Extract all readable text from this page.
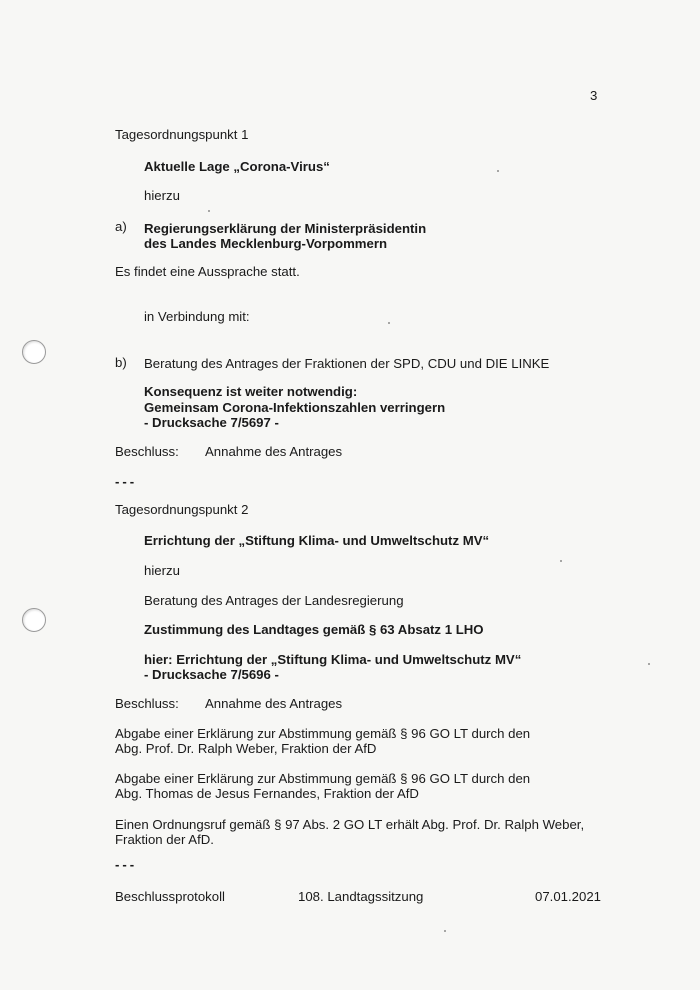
3
Tagesordnungspunkt 1
Aktuelle Lage „Corona-Virus“
hierzu
a) Regierungserklärung der Ministerpräsidentin
des Landes Mecklenburg-Vorpommern
Es findet eine Aussprache statt.
in Verbindung mit:
b) Beratung des Antrages der Fraktionen der SPD, CDU und DIE LINKE
Konsequenz ist weiter notwendig:
Gemeinsam Corona-Infektionszahlen verringern
- Drucksache 7/5697 -
Beschluss: Annahme des Antrages
---
Tagesordnungspunkt 2
Errichtung der „Stiftung Klima- und Umweltschutz MV“
hierzu
Beratung des Antrages der Landesregierung
Zustimmung des Landtages gemäß § 63 Absatz 1 LHO
hier: Errichtung der „Stiftung Klima- und Umweltschutz MV“
- Drucksache 7/5696 -
Beschluss: Annahme des Antrages
Abgabe einer Erklärung zur Abstimmung gemäß § 96 GO LT durch den
Abg. Prof. Dr. Ralph Weber, Fraktion der AfD
Abgabe einer Erklärung zur Abstimmung gemäß § 96 GO LT durch den
Abg. Thomas de Jesus Fernandes, Fraktion der AfD
Einen Ordnungsruf gemäß § 97 Abs. 2 GO LT erhält Abg. Prof. Dr. Ralph Weber,
Fraktion der AfD.
---
Beschlussprotokoll	108. Landtagssitzung	07.01.2021
